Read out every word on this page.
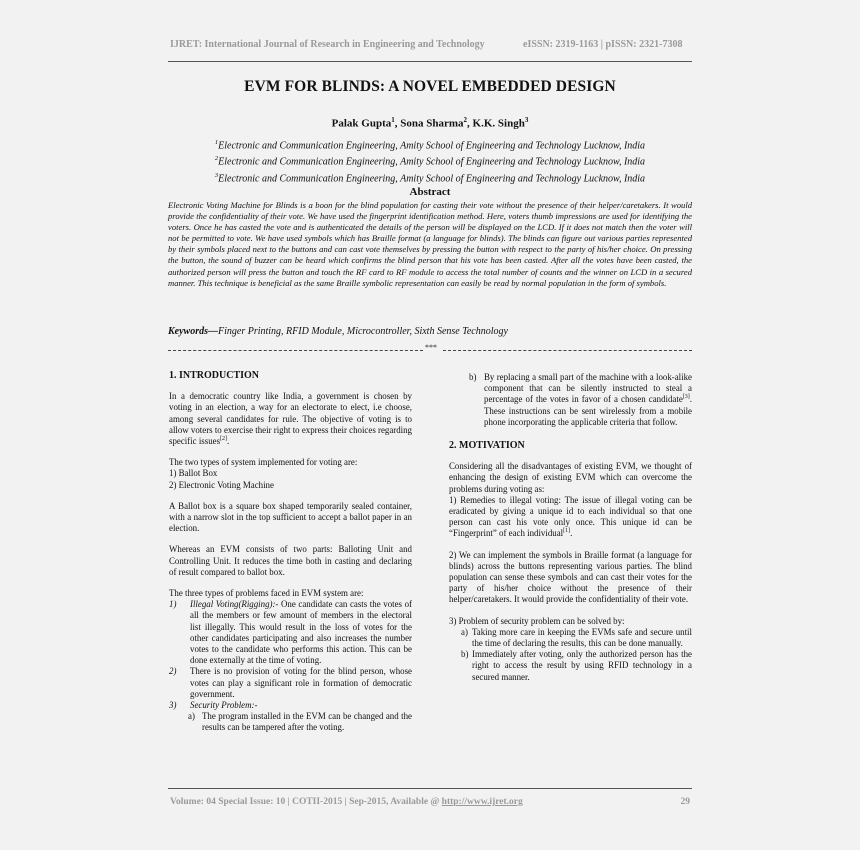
IJRET: International Journal of Research in Engineering and Technology	eISSN: 2319-1163 | pISSN: 2321-7308
EVM FOR BLINDS: A NOVEL EMBEDDED DESIGN
Palak Gupta$^1$, Sona Sharma$^2$, K.K. Singh$^3$
$^1$Electronic and Communication Engineering, Amity School of Engineering and Technology Lucknow, India
$^2$Electronic and Communication Engineering, Amity School of Engineering and Technology Lucknow, India
$^3$Electronic and Communication Engineering, Amity School of Engineering and Technology Lucknow, India
Abstract
Electronic Voting Machine for Blinds is a boon for the blind population for casting their vote without the presence of their helper/caretakers. It would provide the confidentiality of their vote. We have used the fingerprint identification method. Here, voters thumb impressions are used for identifying the voters. Once he has casted the vote and is authenticated the details of the person will be displayed on the LCD. If it does not match then the voter will not be permitted to vote. We have used symbols which has Braille format (a language for blinds). The blinds can figure out various parties represented by their symbols placed next to the buttons and can cast vote themselves by pressing the button with respect to the party of his/her choice. On pressing the button, the sound of buzzer can be heard which confirms the blind person that his vote has been casted. After all the votes have been casted, the authorized person will press the button and touch the RF card to RF module to access the total number of counts and the winner on LCD in a secured manner. This technique is beneficial as the same Braille symbolic representation can easily be read by normal population in the form of symbols.
Keywords—Finger Printing, RFID Module, Microcontroller, Sixth Sense Technology
***
1. INTRODUCTION
In a democratic country like India, a government is chosen by voting in an election, a way for an electorate to elect, i.e choose, among several candidates for rule. The objective of voting is to allow voters to exercise their right to express their choices regarding specific issues[2].
The two types of system implemented for voting are:
1) Ballot Box
2) Electronic Voting Machine
A Ballot box is a square box shaped temporarily sealed container, with a narrow slot in the top sufficient to accept a ballot paper in an election.
Whereas an EVM consists of two parts: Balloting Unit and Controlling Unit. It reduces the time both in casting and declaring of result compared to ballot box.
The three types of problems faced in EVM system are:
1) Illegal Voting(Rigging):- One candidate can casts the votes of all the members or few amount of members in the electoral list illegally. This would result in the loss of votes for the other candidates participating and also increases the number votes to the candidate who performs this action. This can be done externally at the time of voting.
2) There is no provision of voting for the blind person, whose votes can play a significant role in formation of democratic government.
3) Security Problem:-
a) The program installed in the EVM can be changed and the results can be tampered after the voting.
b) By replacing a small part of the machine with a look-alike component that can be silently instructed to steal a percentage of the votes in favor of a chosen candidate[3]. These instructions can be sent wirelessly from a mobile phone incorporating the applicable criteria that follow.
2. MOTIVATION
Considering all the disadvantages of existing EVM, we thought of enhancing the design of existing EVM which can overcome the problems during voting as:
1) Remedies to illegal voting: The issue of illegal voting can be eradicated by giving a unique id to each individual so that one person can cast his vote only once. This unique id can be “Fingerprint” of each individual[1].
2) We can implement the symbols in Braille format (a language for blinds) across the buttons representing various parties. The blind population can sense these symbols and can cast their votes for the party of his/her choice without the presence of their helper/caretakers. It would provide the confidentiality of their vote.
3) Problem of security problem can be solved by:
a) Taking more care in keeping the EVMs safe and secure until the time of declaring the results, this can be done manually.
b) Immediately after voting, only the authorized person has the right to access the result by using RFID technology in a secured manner.
Volume: 04 Special Issue: 10 | COTII-2015 | Sep-2015, Available @ http://www.ijret.org	29
